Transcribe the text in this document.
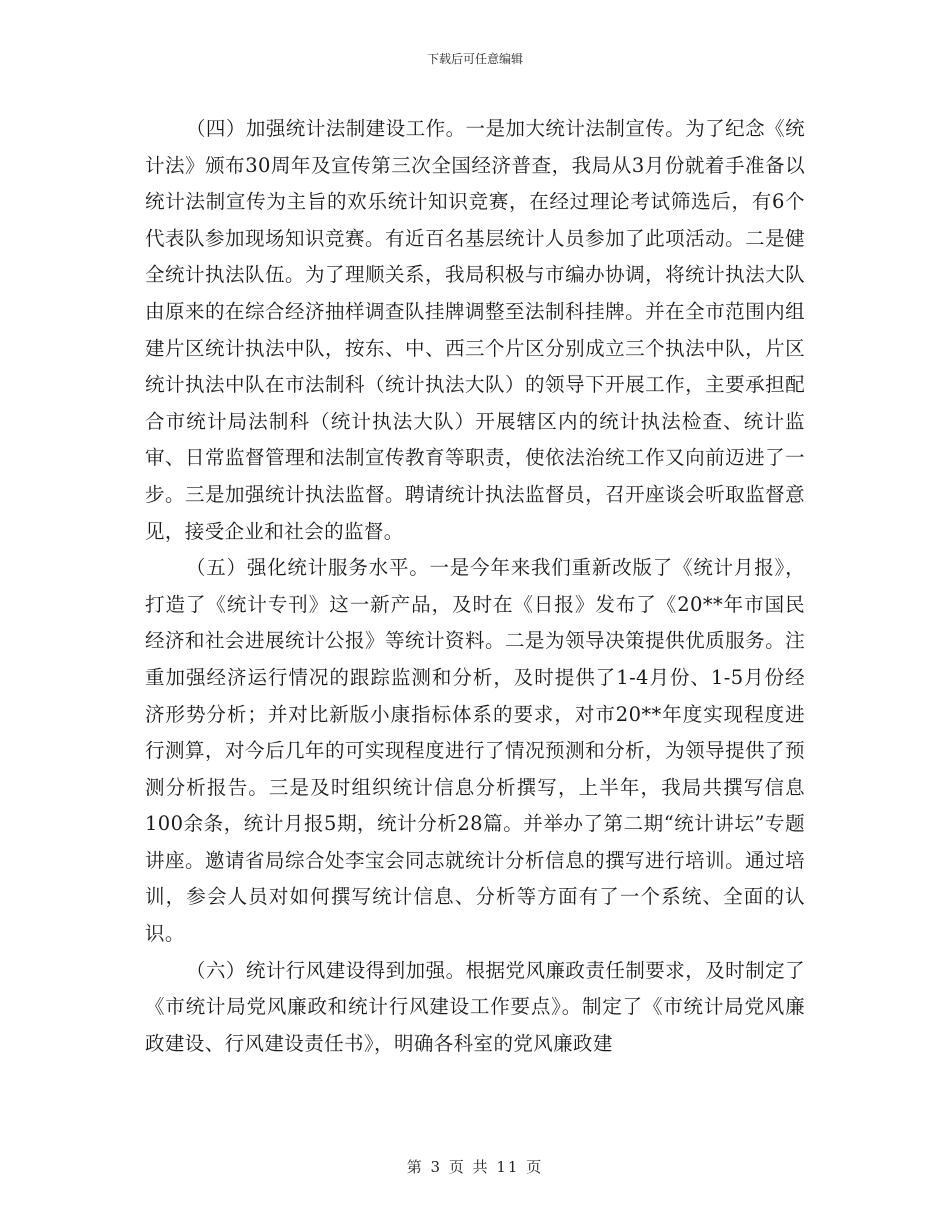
下载后可任意编辑

（四）加强统计法制建设工作。一是加大统计法制宣传。为了纪念《统计法》颁布30周年及宣传第三次全国经济普查，我局从3月份就着手准备以统计法制宣传为主旨的欢乐统计知识竞赛，在经过理论考试筛选后，有6个代表队参加现场知识竞赛。有近百名基层统计人员参加了此项活动。二是健全统计执法队伍。为了理顺关系，我局积极与市编办协调，将统计执法大队由原来的在综合经济抽样调查队挂牌调整至法制科挂牌。并在全市范围内组建片区统计执法中队，按东、中、西三个片区分别成立三个执法中队，片区统计执法中队在市法制科（统计执法大队）的领导下开展工作，主要承担配合市统计局法制科（统计执法大队）开展辖区内的统计执法检查、统计监审、日常监督管理和法制宣传教育等职责，使依法治统工作又向前迈进了一步。三是加强统计执法监督。聘请统计执法监督员，召开座谈会听取监督意见，接受企业和社会的监督。

（五）强化统计服务水平。一是今年来我们重新改版了《统计月报》，打造了《统计专刊》这一新产品，及时在《日报》发布了《20**年市国民经济和社会进展统计公报》等统计资料。二是为领导决策提供优质服务。注重加强经济运行情况的跟踪监测和分析，及时提供了1-4月份、1-5月份经济形势分析；并对比新版小康指标体系的要求，对市20**年度实现程度进行测算，对今后几年的可实现程度进行了情况预测和分析，为领导提供了预测分析报告。三是及时组织统计信息分析撰写，上半年，我局共撰写信息100余条，统计月报5期，统计分析28篇。并举办了第二期“统计讲坛”专题讲座。邀请省局综合处李宝会同志就统计分析信息的撰写进行培训。通过培训，参会人员对如何撰写统计信息、分析等方面有了一个系统、全面的认识。

（六）统计行风建设得到加强。根据党风廉政责任制要求，及时制定了《市统计局党风廉政和统计行风建设工作要点》。制定了《市统计局党风廉政建设、行风建设责任书》，明确各科室的党风廉政建

第 3 页 共 11 页
